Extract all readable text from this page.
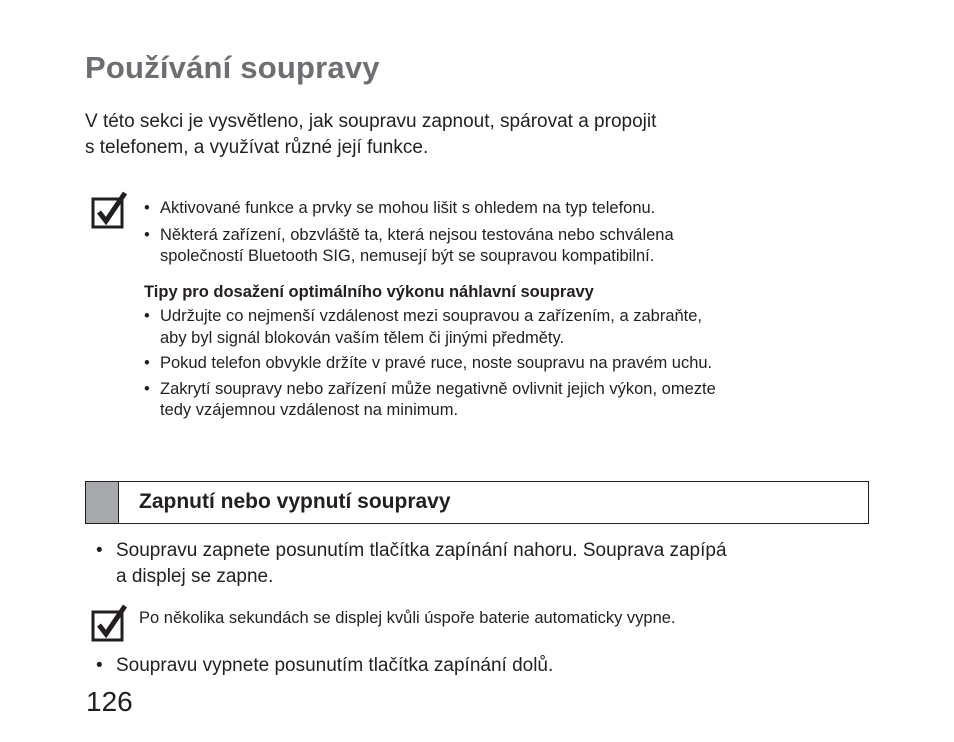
Používání soupravy
V této sekci je vysvětleno, jak soupravu zapnout, spárovat a propojit
s telefonem, a využívat různé její funkce.
• Aktivované funkce a prvky se mohou lišit s ohledem na typ telefonu.
• Některá zařízení, obzvláště ta, která nejsou testována nebo schválena
společností Bluetooth SIG, nemusejí být se soupravou kompatibilní.

Tipy pro dosažení optimálního výkonu náhlavní soupravy

• Udržujte co nejmenší vzdálenost mezi soupravou a zařízením, a zabraňte,
aby byl signál blokován vaším tělem či jinými předměty.
• Pokud telefon obvykle držíte v pravé ruce, noste soupravu na pravém uchu.
• Zakrytí soupravy nebo zařízení může negativně ovlivnit jejich výkon, omezte
tedy vzájemnou vzdálenost na minimum.
Zapnutí nebo vypnutí soupravy
• Soupravu zapnete posunutím tlačítka zapínání nahoru. Souprava zapípá
a displej se zapne.
Po několika sekundách se displej kvůli úspoře baterie automaticky vypne.
• Soupravu vypnete posunutím tlačítka zapínání dolů.
126
